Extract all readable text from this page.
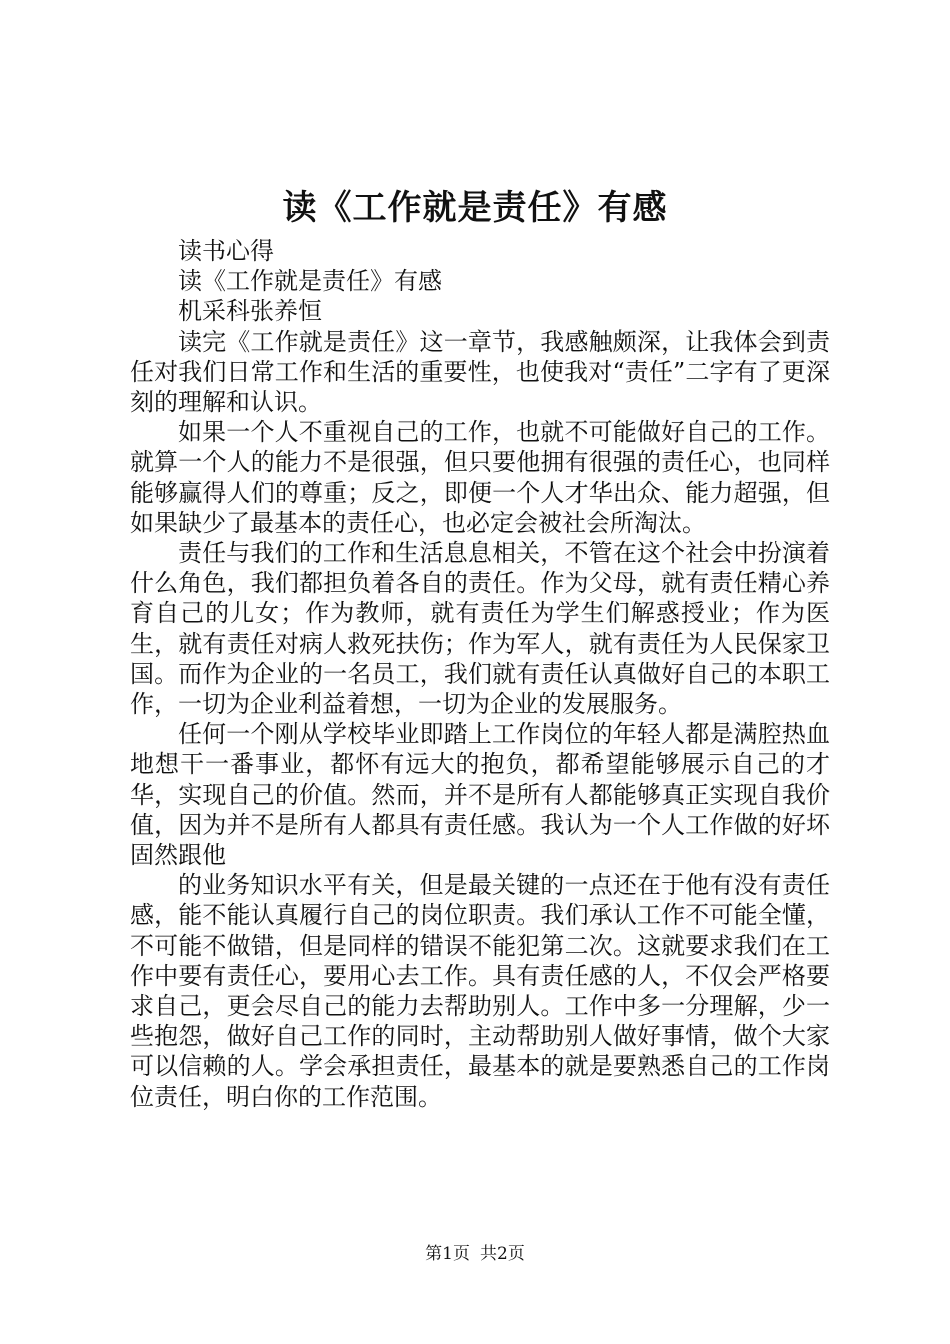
读《工作就是责任》有感

读书心得

读《工作就是责任》有感

机采科张养恒

读完《工作就是责任》这一章节，我感触颇深，让我体会到责任对我们日常工作和生活的重要性，也使我对“责任”二字有了更深刻的理解和认识。

如果一个人不重视自己的工作，也就不可能做好自己的工作。就算一个人的能力不是很强，但只要他拥有很强的责任心，也同样能够赢得人们的尊重；反之，即便一个人才华出众、能力超强，但如果缺少了最基本的责任心，也必定会被社会所淘汰。

责任与我们的工作和生活息息相关，不管在这个社会中扮演着什么角色，我们都担负着各自的责任。作为父母，就有责任精心养育自己的儿女；作为教师，就有责任为学生们解惑授业；作为医生，就有责任对病人救死扶伤；作为军人，就有责任为人民保家卫国。而作为企业的一名员工，我们就有责任认真做好自己的本职工作，一切为企业利益着想，一切为企业的发展服务。

任何一个刚从学校毕业即踏上工作岗位的年轻人都是满腔热血地想干一番事业，都怀有远大的抱负，都希望能够展示自己的才华，实现自己的价值。然而，并不是所有人都能够真正实现自我价值，因为并不是所有人都具有责任感。我认为一个人工作做的好坏固然跟他

的业务知识水平有关，但是最关键的一点还在于他有没有责任感，能不能认真履行自己的岗位职责。我们承认工作不可能全懂，不可能不做错，但是同样的错误不能犯第二次。这就要求我们在工作中要有责任心，要用心去工作。具有责任感的人，不仅会严格要求自己，更会尽自己的能力去帮助别人。工作中多一分理解，少一些抱怨，做好自己工作的同时，主动帮助别人做好事情，做个大家可以信赖的人。学会承担责任，最基本的就是要熟悉自己的工作岗位责任，明白你的工作范围。

第1页 共2页
